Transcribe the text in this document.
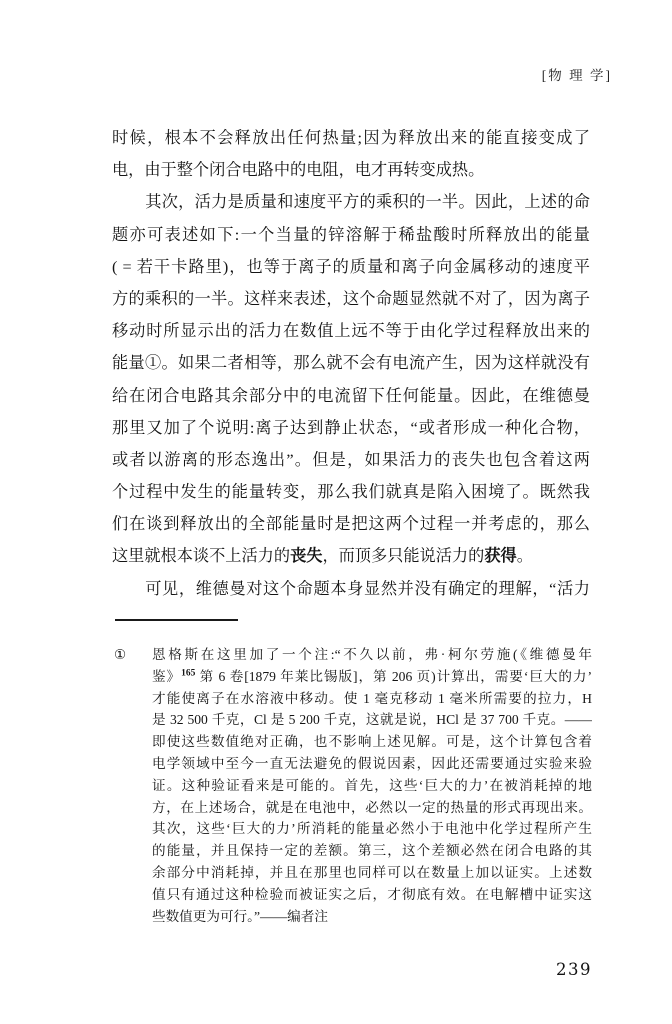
[物 理 学]
时候，根本不会释放出任何热量;因为释放出来的能直接变成了
电，由于整个闭合电路中的电阻，电才再转变成热。
其次，活力是质量和速度平方的乘积的一半。因此，上述的命
题亦可表述如下:一个当量的锌溶解于稀盐酸时所释放出的能量
( = 若干卡路里)，也等于离子的质量和离子向金属移动的速度平
方的乘积的一半。这样来表述，这个命题显然就不对了，因为离子
移动时所显示出的活力在数值上远不等于由化学过程释放出来的
能量①。如果二者相等，那么就不会有电流产生，因为这样就没有
给在闭合电路其余部分中的电流留下任何能量。因此，在维德曼
那里又加了个说明:离子达到静止状态，“或者形成一种化合物，
或者以游离的形态逸出”。但是，如果活力的丧失也包含着这两
个过程中发生的能量转变，那么我们就真是陷入困境了。既然我
们在谈到释放出的全部能量时是把这两个过程一并考虑的，那么
这里就根本谈不上活力的丧失，而顶多只能说活力的获得。
可见，维德曼对这个命题本身显然并没有确定的理解，“活力
① 恩格斯在这里加了一个注:“不久以前，弗·柯尔劳施(《维德曼年
鉴》$^{165}$ 第 6 卷[1879 年莱比锡版]，第 206 页)计算出，需要‘巨大的力’
才能使离子在水溶液中移动。使 1 毫克移动 1 毫米所需要的拉力，H
是 32 500 千克，Cl 是 5 200 千克，这就是说，HCl 是 37 700 千克。——
即使这些数值绝对正确，也不影响上述见解。可是，这个计算包含着
电学领域中至今一直无法避免的假说因素，因此还需要通过实验来验
证。这种验证看来是可能的。首先，这些‘巨大的力’在被消耗掉的地
方，在上述场合，就是在电池中，必然以一定的热量的形式再现出来。
其次，这些‘巨大的力’所消耗的能量必然小于电池中化学过程所产生
的能量，并且保持一定的差额。第三，这个差额必然在闭合电路的其
余部分中消耗掉，并且在那里也同样可以在数量上加以证实。上述数
值只有通过这种检验而被证实之后，才彻底有效。在电解槽中证实这
些数值更为可行。”——编者注
239
